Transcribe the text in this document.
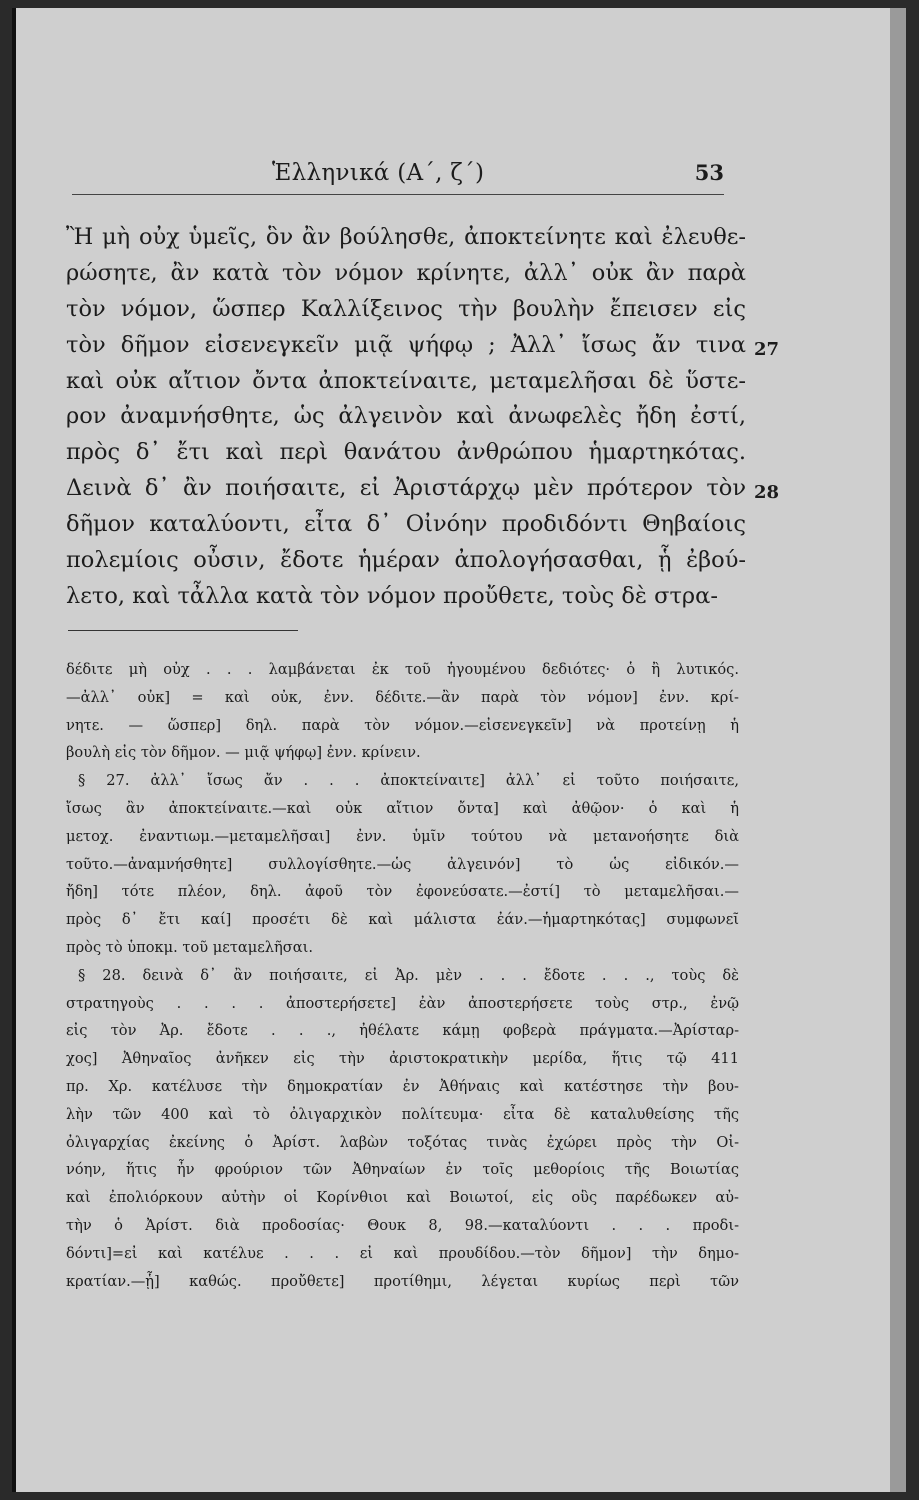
Ἑλληνικά (Α΄, ζ΄)	53
Ἢ μὴ οὐχ ὑμεῖς, ὃν ἂν βούλησθε, ἀποκτείνητε καὶ ἐλευθε-
ρώσητε, ἂν κατὰ τὸν νόμον κρίνητε, ἀλλ᾽ οὐκ ἂν παρὰ
τὸν νόμον, ὥσπερ Καλλίξεινος τὴν βουλὴν ἔπεισεν εἰς
τὸν δῆμον εἰσενεγκεῖν μιᾷ ψήφῳ ; Ἀλλ᾽ ἴσως ἄν τινα 27
καὶ οὐκ αἴτιον ὄντα ἀποκτείναιτε, μεταμελῆσαι δὲ ὕστε-
ρον ἀναμνήσθητε, ὡς ἀλγεινὸν καὶ ἀνωφελὲς ἤδη ἐστί,
πρὸς δ᾽ ἔτι καὶ περὶ θανάτου ἀνθρώπου ἡμαρτηκότας.
Δεινὰ δ᾽ ἂν ποιήσαιτε, εἰ Ἀριστάρχῳ μὲν πρότερον τὸν 28
δῆμον καταλύοντι, εἶτα δ᾽ Οἰνόην προδιδόντι Θηβαίοις
πολεμίοις οὖσιν, ἔδοτε ἡμέραν ἀπολογήσασθαι, ᾗ ἐβού-
λετο, καὶ τἆλλα κατὰ τὸν νόμον προὔθετε, τοὺς δὲ στρα-
δέδιτε μὴ οὐχ . . . λαμβάνεται ἐκ τοῦ ἡγουμένου δεδιότες· ὁ ἢ λυτικός.
—ἀλλ᾽ οὐκ] = καὶ οὐκ, ἐνν. δέδιτε.—ἂν παρὰ τὸν νόμον] ἐνν. κρί-
νητε. — ὥσπερ] δηλ. παρὰ τὸν νόμον.—εἰσενεγκεῖν] νὰ προτείνῃ ἡ
βουλὴ εἰς τὸν δῆμον. — μιᾷ ψήφῳ] ἐνν. κρίνειν.
§ 27. ἀλλ᾽ ἴσως ἄν . . . ἀποκτείναιτε] ἀλλ᾽ εἰ τοῦτο ποιήσαιτε,
ἴσως ἂν ἀποκτείναιτε.—καὶ οὐκ αἴτιον ὄντα] καὶ ἀθῷον· ὁ καὶ ἡ
μετοχ. ἐναντιωμ.—μεταμελῆσαι] ἐνν. ὑμῖν τούτου νὰ μετανοήσητε διὰ
τοῦτο.—ἀναμνήσθητε] συλλογίσθητε.—ὡς ἀλγεινόν] τὸ ὡς εἰδικόν.—
ἤδη] τότε πλέον, δηλ. ἀφοῦ τὸν ἐφονεύσατε.—ἐστί] τὸ μεταμελῆσαι.—
πρὸς δ᾽ ἔτι καί] προσέτι δὲ καὶ μάλιστα ἐάν.—ἡμαρτηκότας] συμφωνεῖ
πρὸς τὸ ὑποκμ. τοῦ μεταμελῆσαι.
§ 28. δεινὰ δ᾽ ἂν ποιήσαιτε, εἰ Ἀρ. μὲν . . . ἔδοτε . . ., τοὺς δὲ
στρατηγοὺς . . . . ἀποστερήσετε] ἐὰν ἀποστερήσετε τοὺς στρ., ἐνῷ
εἰς τὸν Ἀρ. ἔδοτε . . ., ἠθέλατε κάμῃ φοβερὰ πράγματα.—Ἀρίσταρ-
χος] Ἀθηναῖος ἀνῆκεν εἰς τὴν ἀριστοκρατικὴν μερίδα, ἥτις τῷ 411
πρ. Χρ. κατέλυσε τὴν δημοκρατίαν ἐν Ἀθήναις καὶ κατέστησε τὴν βου-
λὴν τῶν 400 καὶ τὸ ὀλιγαρχικὸν πολίτευμα· εἶτα δὲ καταλυθείσης τῆς
ὀλιγαρχίας ἐκείνης ὁ Ἀρίστ. λαβὼν τοξότας τινὰς ἐχώρει πρὸς τὴν Οἰ-
νόην, ἥτις ἦν φρούριον τῶν Ἀθηναίων ἐν τοῖς μεθορίοις τῆς Βοιωτίας
καὶ ἐπολιόρκουν αὐτὴν οἱ Κορίνθιοι καὶ Βοιωτοί, εἰς οὓς παρέδωκεν αὐ-
τὴν ὁ Ἀρίστ. διὰ προδοσίας· Θουκ 8, 98.—καταλύοντι . . . προδι-
δόντι]=εἰ καὶ κατέλυε . . . εἰ καὶ προυδίδου.—τὸν δῆμον] τὴν δημο-
κρατίαν.—ᾗ] καθώς. προὔθετε] προτίθημι, λέγεται κυρίως περὶ τῶν
